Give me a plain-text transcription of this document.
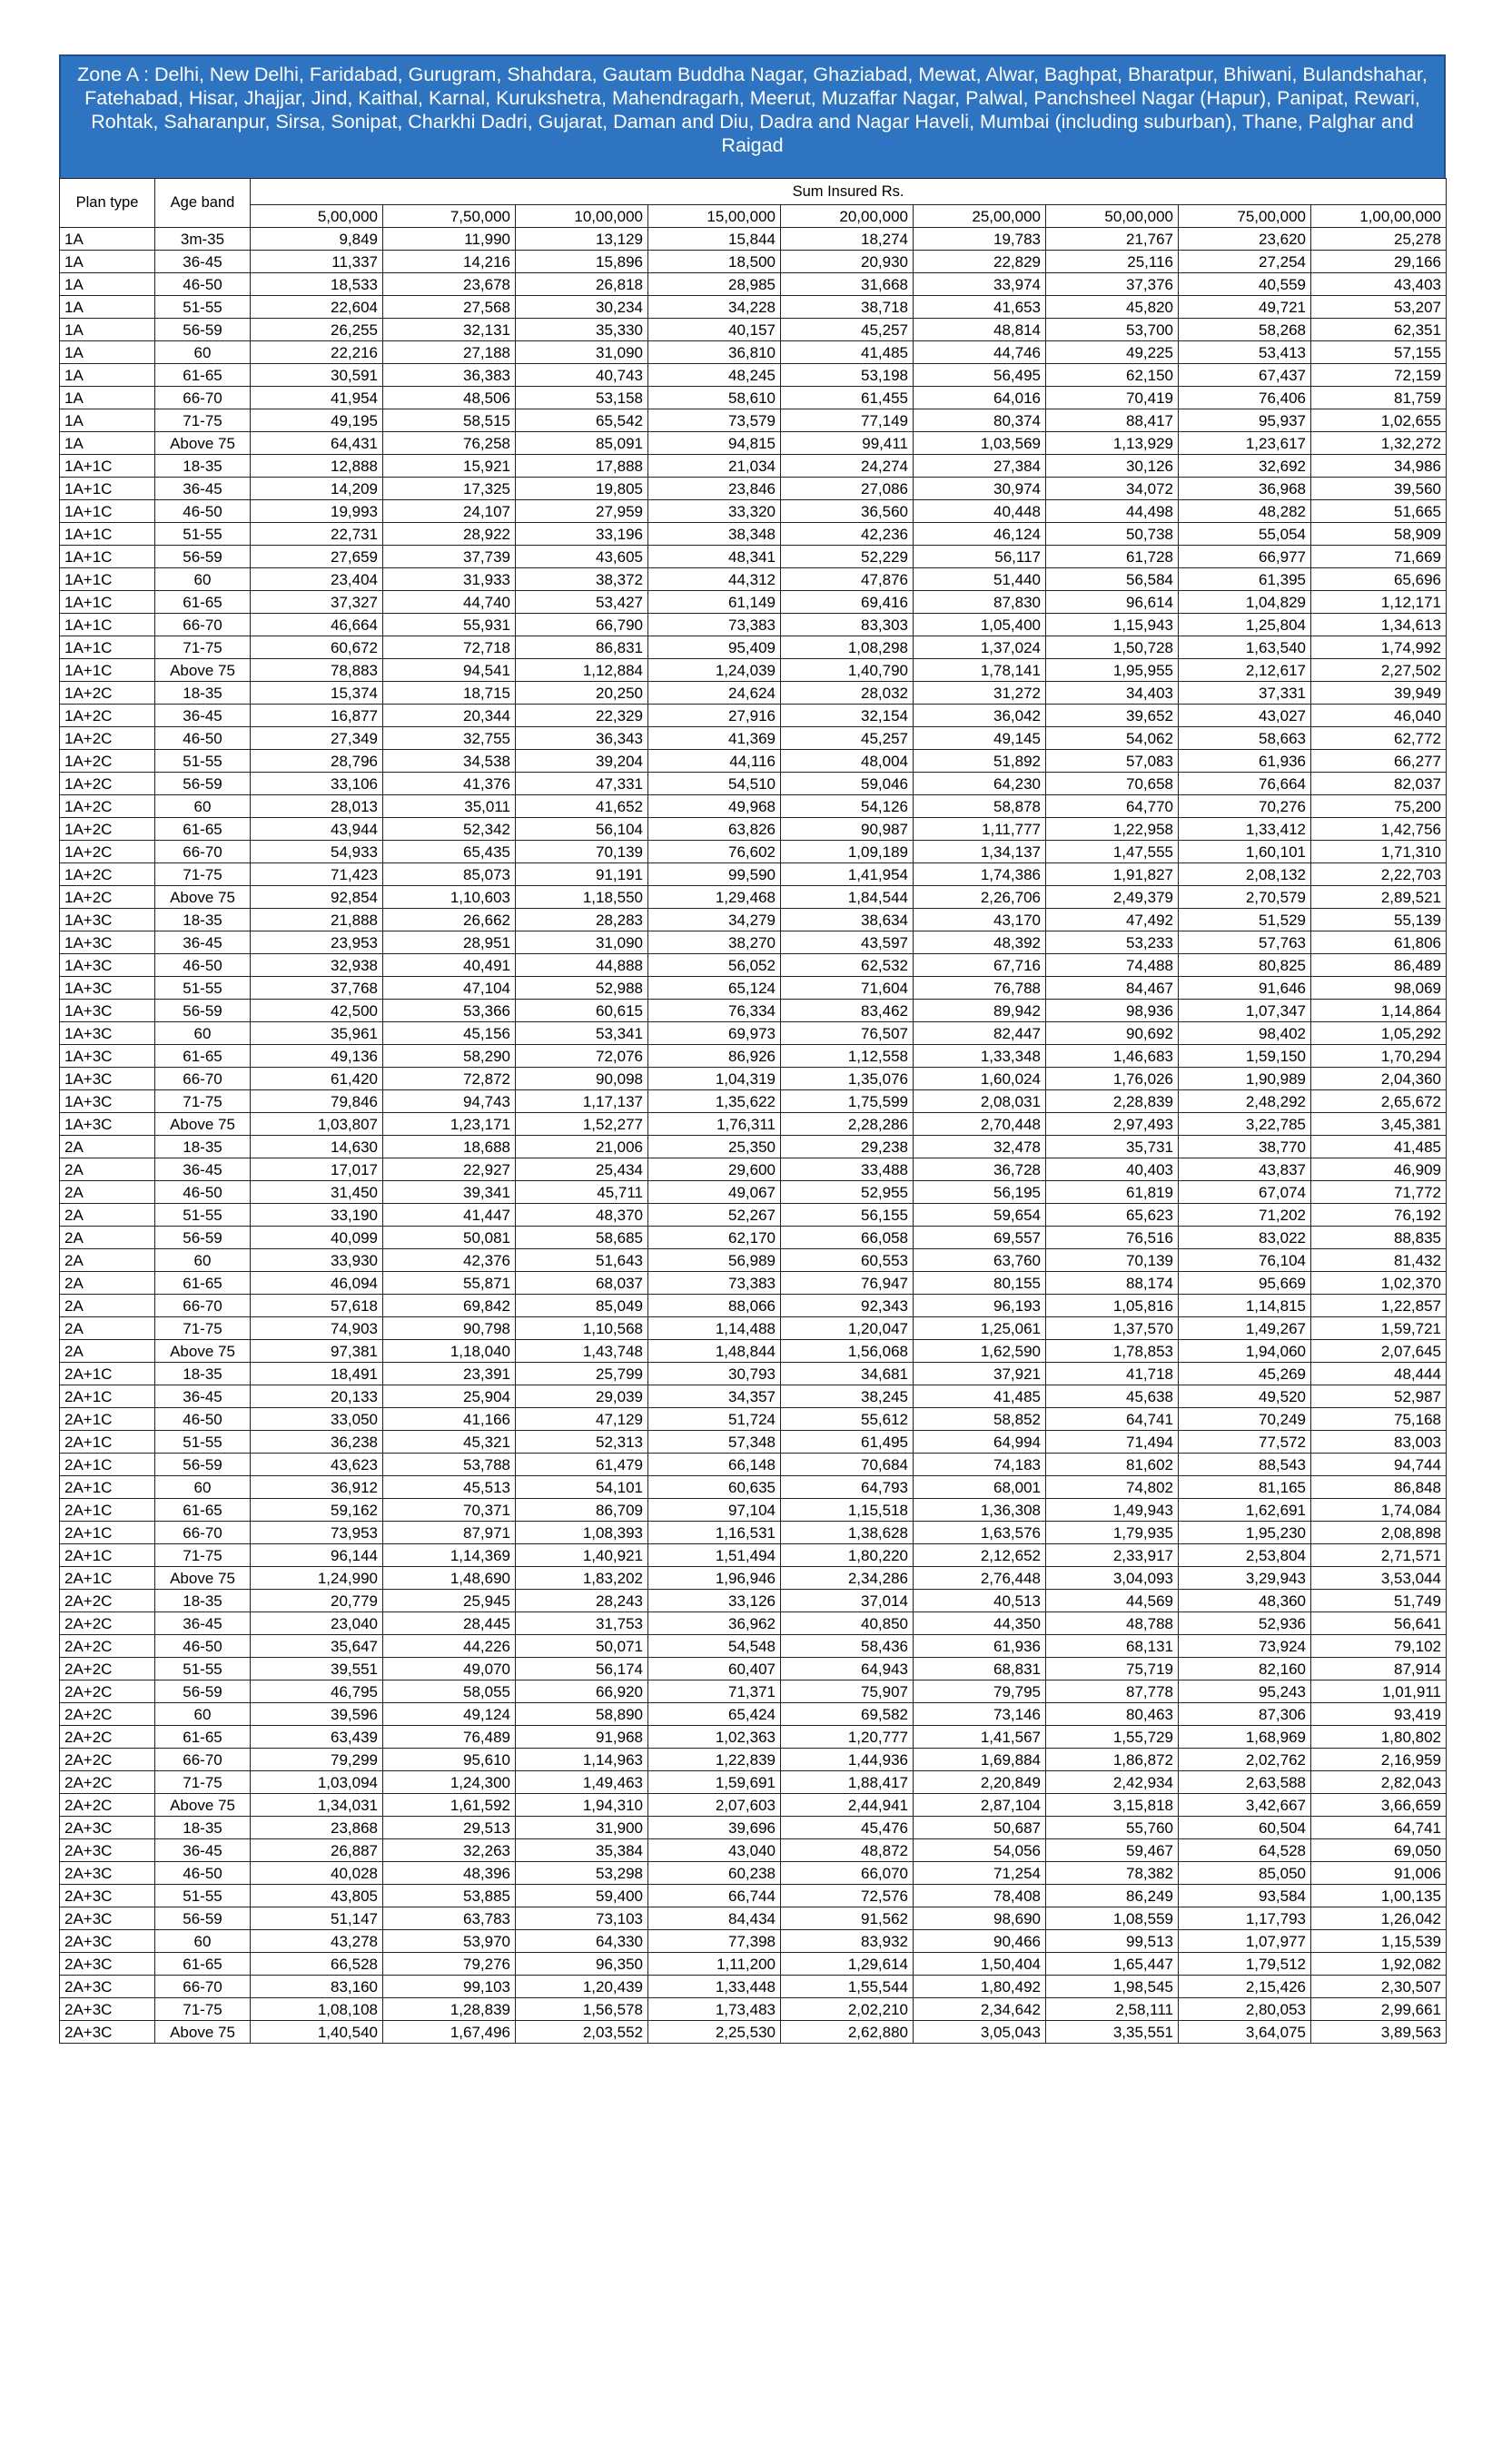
Zone A : Delhi, New Delhi, Faridabad, Gurugram, Shahdara, Gautam Buddha Nagar, Ghaziabad, Mewat, Alwar, Baghpat, Bharatpur, Bhiwani, Bulandshahar, Fatehabad, Hisar, Jhajjar, Jind, Kaithal, Karnal, Kurukshetra, Mahendragarh, Meerut, Muzaffar Nagar, Palwal, Panchsheel Nagar (Hapur), Panipat, Rewari, Rohtak, Saharanpur, Sirsa, Sonipat, Charkhi Dadri, Gujarat, Daman and Diu, Dadra and Nagar Haveli, Mumbai (including suburban), Thane, Palghar and Raigad
Plan type	Age band	Sum Insured Rs.								
		5,00,000	7,50,000	10,00,000	15,00,000	20,00,000	25,00,000	50,00,000	75,00,000	1,00,00,000
1A	3m-35	9,849	11,990	13,129	15,844	18,274	19,783	21,767	23,620	25,278
1A	36-45	11,337	14,216	15,896	18,500	20,930	22,829	25,116	27,254	29,166
1A	46-50	18,533	23,678	26,818	28,985	31,668	33,974	37,376	40,559	43,403
1A	51-55	22,604	27,568	30,234	34,228	38,718	41,653	45,820	49,721	53,207
1A	56-59	26,255	32,131	35,330	40,157	45,257	48,814	53,700	58,268	62,351
1A	60	22,216	27,188	31,090	36,810	41,485	44,746	49,225	53,413	57,155
1A	61-65	30,591	36,383	40,743	48,245	53,198	56,495	62,150	67,437	72,159
1A	66-70	41,954	48,506	53,158	58,610	61,455	64,016	70,419	76,406	81,759
1A	71-75	49,195	58,515	65,542	73,579	77,149	80,374	88,417	95,937	1,02,655
1A	Above 75	64,431	76,258	85,091	94,815	99,411	1,03,569	1,13,929	1,23,617	1,32,272
1A+1C	18-35	12,888	15,921	17,888	21,034	24,274	27,384	30,126	32,692	34,986
1A+1C	36-45	14,209	17,325	19,805	23,846	27,086	30,974	34,072	36,968	39,560
1A+1C	46-50	19,993	24,107	27,959	33,320	36,560	40,448	44,498	48,282	51,665
1A+1C	51-55	22,731	28,922	33,196	38,348	42,236	46,124	50,738	55,054	58,909
1A+1C	56-59	27,659	37,739	43,605	48,341	52,229	56,117	61,728	66,977	71,669
1A+1C	60	23,404	31,933	38,372	44,312	47,876	51,440	56,584	61,395	65,696
1A+1C	61-65	37,327	44,740	53,427	61,149	69,416	87,830	96,614	1,04,829	1,12,171
1A+1C	66-70	46,664	55,931	66,790	73,383	83,303	1,05,400	1,15,943	1,25,804	1,34,613
1A+1C	71-75	60,672	72,718	86,831	95,409	1,08,298	1,37,024	1,50,728	1,63,540	1,74,992
1A+1C	Above 75	78,883	94,541	1,12,884	1,24,039	1,40,790	1,78,141	1,95,955	2,12,617	2,27,502
1A+2C	18-35	15,374	18,715	20,250	24,624	28,032	31,272	34,403	37,331	39,949
1A+2C	36-45	16,877	20,344	22,329	27,916	32,154	36,042	39,652	43,027	46,040
1A+2C	46-50	27,349	32,755	36,343	41,369	45,257	49,145	54,062	58,663	62,772
1A+2C	51-55	28,796	34,538	39,204	44,116	48,004	51,892	57,083	61,936	66,277
1A+2C	56-59	33,106	41,376	47,331	54,510	59,046	64,230	70,658	76,664	82,037
1A+2C	60	28,013	35,011	41,652	49,968	54,126	58,878	64,770	70,276	75,200
1A+2C	61-65	43,944	52,342	56,104	63,826	90,987	1,11,777	1,22,958	1,33,412	1,42,756
1A+2C	66-70	54,933	65,435	70,139	76,602	1,09,189	1,34,137	1,47,555	1,60,101	1,71,310
1A+2C	71-75	71,423	85,073	91,191	99,590	1,41,954	1,74,386	1,91,827	2,08,132	2,22,703
1A+2C	Above 75	92,854	1,10,603	1,18,550	1,29,468	1,84,544	2,26,706	2,49,379	2,70,579	2,89,521
1A+3C	18-35	21,888	26,662	28,283	34,279	38,634	43,170	47,492	51,529	55,139
1A+3C	36-45	23,953	28,951	31,090	38,270	43,597	48,392	53,233	57,763	61,806
1A+3C	46-50	32,938	40,491	44,888	56,052	62,532	67,716	74,488	80,825	86,489
1A+3C	51-55	37,768	47,104	52,988	65,124	71,604	76,788	84,467	91,646	98,069
1A+3C	56-59	42,500	53,366	60,615	76,334	83,462	89,942	98,936	1,07,347	1,14,864
1A+3C	60	35,961	45,156	53,341	69,973	76,507	82,447	90,692	98,402	1,05,292
1A+3C	61-65	49,136	58,290	72,076	86,926	1,12,558	1,33,348	1,46,683	1,59,150	1,70,294
1A+3C	66-70	61,420	72,872	90,098	1,04,319	1,35,076	1,60,024	1,76,026	1,90,989	2,04,360
1A+3C	71-75	79,846	94,743	1,17,137	1,35,622	1,75,599	2,08,031	2,28,839	2,48,292	2,65,672
1A+3C	Above 75	1,03,807	1,23,171	1,52,277	1,76,311	2,28,286	2,70,448	2,97,493	3,22,785	3,45,381
2A	18-35	14,630	18,688	21,006	25,350	29,238	32,478	35,731	38,770	41,485
2A	36-45	17,017	22,927	25,434	29,600	33,488	36,728	40,403	43,837	46,909
2A	46-50	31,450	39,341	45,711	49,067	52,955	56,195	61,819	67,074	71,772
2A	51-55	33,190	41,447	48,370	52,267	56,155	59,654	65,623	71,202	76,192
2A	56-59	40,099	50,081	58,685	62,170	66,058	69,557	76,516	83,022	88,835
2A	60	33,930	42,376	51,643	56,989	60,553	63,760	70,139	76,104	81,432
2A	61-65	46,094	55,871	68,037	73,383	76,947	80,155	88,174	95,669	1,02,370
2A	66-70	57,618	69,842	85,049	88,066	92,343	96,193	1,05,816	1,14,815	1,22,857
2A	71-75	74,903	90,798	1,10,568	1,14,488	1,20,047	1,25,061	1,37,570	1,49,267	1,59,721
2A	Above 75	97,381	1,18,040	1,43,748	1,48,844	1,56,068	1,62,590	1,78,853	1,94,060	2,07,645
2A+1C	18-35	18,491	23,391	25,799	30,793	34,681	37,921	41,718	45,269	48,444
2A+1C	36-45	20,133	25,904	29,039	34,357	38,245	41,485	45,638	49,520	52,987
2A+1C	46-50	33,050	41,166	47,129	51,724	55,612	58,852	64,741	70,249	75,168
2A+1C	51-55	36,238	45,321	52,313	57,348	61,495	64,994	71,494	77,572	83,003
2A+1C	56-59	43,623	53,788	61,479	66,148	70,684	74,183	81,602	88,543	94,744
2A+1C	60	36,912	45,513	54,101	60,635	64,793	68,001	74,802	81,165	86,848
2A+1C	61-65	59,162	70,371	86,709	97,104	1,15,518	1,36,308	1,49,943	1,62,691	1,74,084
2A+1C	66-70	73,953	87,971	1,08,393	1,16,531	1,38,628	1,63,576	1,79,935	1,95,230	2,08,898
2A+1C	71-75	96,144	1,14,369	1,40,921	1,51,494	1,80,220	2,12,652	2,33,917	2,53,804	2,71,571
2A+1C	Above 75	1,24,990	1,48,690	1,83,202	1,96,946	2,34,286	2,76,448	3,04,093	3,29,943	3,53,044
2A+2C	18-35	20,779	25,945	28,243	33,126	37,014	40,513	44,569	48,360	51,749
2A+2C	36-45	23,040	28,445	31,753	36,962	40,850	44,350	48,788	52,936	56,641
2A+2C	46-50	35,647	44,226	50,071	54,548	58,436	61,936	68,131	73,924	79,102
2A+2C	51-55	39,551	49,070	56,174	60,407	64,943	68,831	75,719	82,160	87,914
2A+2C	56-59	46,795	58,055	66,920	71,371	75,907	79,795	87,778	95,243	1,01,911
2A+2C	60	39,596	49,124	58,890	65,424	69,582	73,146	80,463	87,306	93,419
2A+2C	61-65	63,439	76,489	91,968	1,02,363	1,20,777	1,41,567	1,55,729	1,68,969	1,80,802
2A+2C	66-70	79,299	95,610	1,14,963	1,22,839	1,44,936	1,69,884	1,86,872	2,02,762	2,16,959
2A+2C	71-75	1,03,094	1,24,300	1,49,463	1,59,691	1,88,417	2,20,849	2,42,934	2,63,588	2,82,043
2A+2C	Above 75	1,34,031	1,61,592	1,94,310	2,07,603	2,44,941	2,87,104	3,15,818	3,42,667	3,66,659
2A+3C	18-35	23,868	29,513	31,900	39,696	45,476	50,687	55,760	60,504	64,741
2A+3C	36-45	26,887	32,263	35,384	43,040	48,872	54,056	59,467	64,528	69,050
2A+3C	46-50	40,028	48,396	53,298	60,238	66,070	71,254	78,382	85,050	91,006
2A+3C	51-55	43,805	53,885	59,400	66,744	72,576	78,408	86,249	93,584	1,00,135
2A+3C	56-59	51,147	63,783	73,103	84,434	91,562	98,690	1,08,559	1,17,793	1,26,042
2A+3C	60	43,278	53,970	64,330	77,398	83,932	90,466	99,513	1,07,977	1,15,539
2A+3C	61-65	66,528	79,276	96,350	1,11,200	1,29,614	1,50,404	1,65,447	1,79,512	1,92,082
2A+3C	66-70	83,160	99,103	1,20,439	1,33,448	1,55,544	1,80,492	1,98,545	2,15,426	2,30,507
2A+3C	71-75	1,08,108	1,28,839	1,56,578	1,73,483	2,02,210	2,34,642	2,58,111	2,80,053	2,99,661
2A+3C	Above 75	1,40,540	1,67,496	2,03,552	2,25,530	2,62,880	3,05,043	3,35,551	3,64,075	3,89,563
